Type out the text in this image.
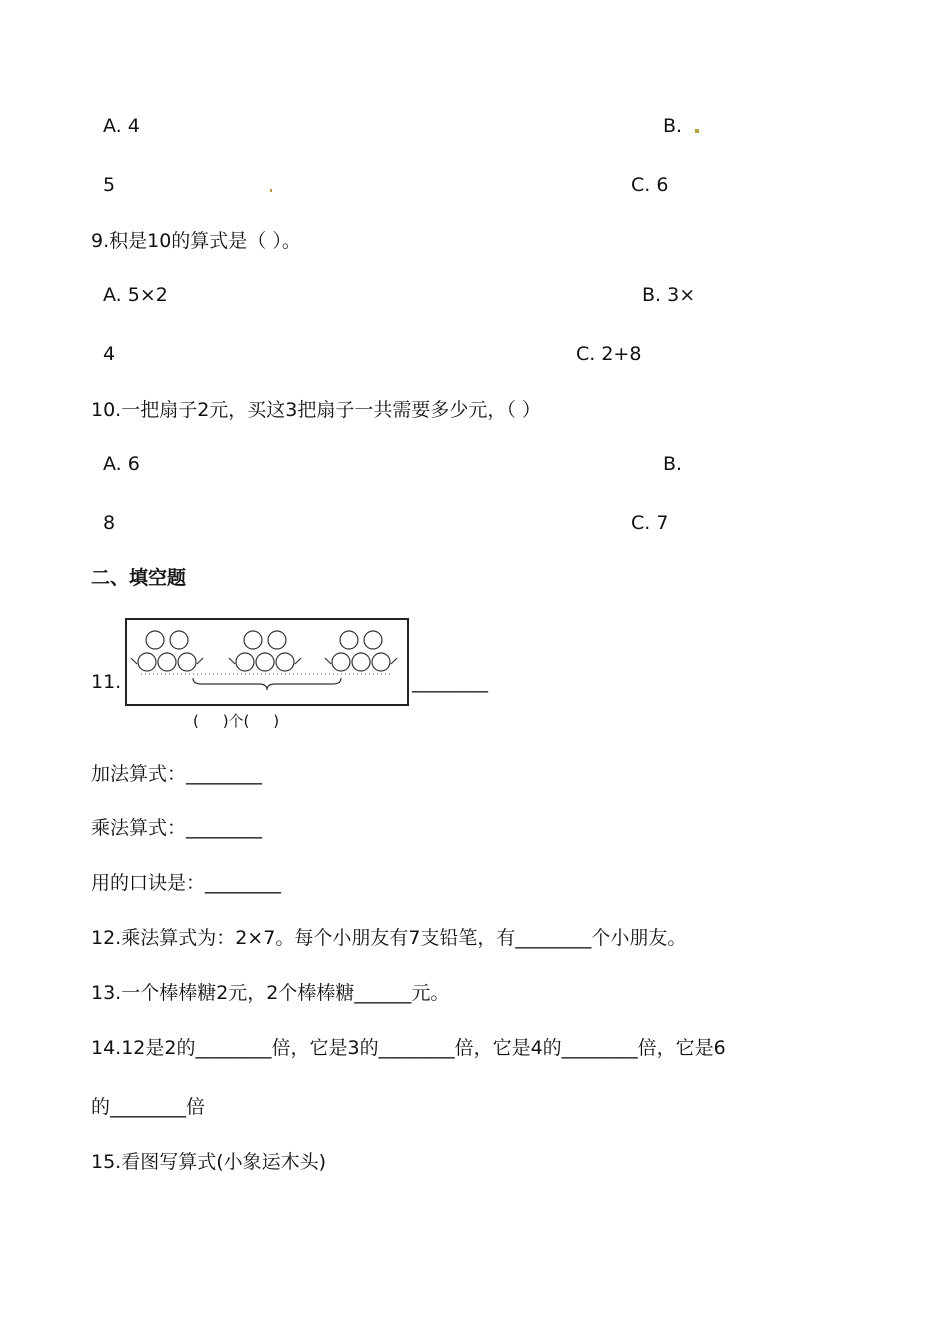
A. 4	B.
5	C. 6
9.积是10的算式是（ ）。
A. 5×2	B. 3×
4	C. 2+8
10.一把扇子2元，买这3把扇子一共需要多少元，（ ）
A. 6	B.
8	C. 7
二、填空题
11.
(     )个(     )
________
加法算式：________
乘法算式：________
用的口诀是：________
12.乘法算式为：2×7。每个小朋友有7支铅笔，有________个小朋友。
13.一个棒棒糖2元，2个棒棒糖______元。
14.12是2的________倍，它是3的________倍，它是4的________倍，它是6
的________倍
15.看图写算式(小象运木头)
